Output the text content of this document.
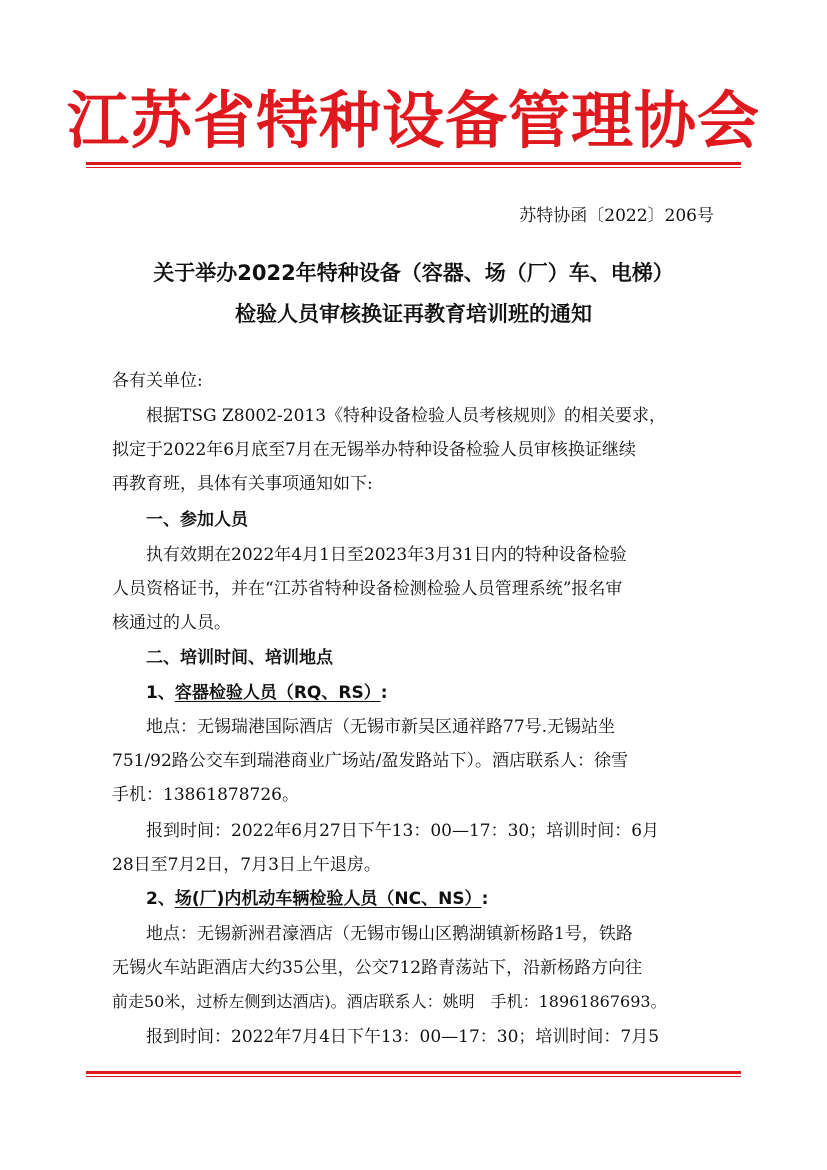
江苏省特种设备管理协会
苏特协函〔2022〕206号
关于举办2022年特种设备（容器、场（厂）车、电梯）
检验人员审核换证再教育培训班的通知
各有关单位:
根据TSG Z8002-2013《特种设备检验人员考核规则》的相关要求，
拟定于2022年6月底至7月在无锡举办特种设备检验人员审核换证继续
再教育班，具体有关事项通知如下:
一、参加人员
执有效期在2022年4月1日至2023年3月31日内的特种设备检验
人员资格证书，并在“江苏省特种设备检测检验人员管理系统”报名审
核通过的人员。
二、培训时间、培训地点
1、容器检验人员（RQ、RS）:
地点：无锡瑞港国际酒店（无锡市新吴区通祥路77号.无锡站坐
751/92路公交车到瑞港商业广场站/盈发路站下）。酒店联系人：徐雪
手机：13861878726。
报到时间：2022年6月27日下午13：00—17：30；培训时间：6月
28日至7月2日，7月3日上午退房。
2、场(厂)内机动车辆检验人员（NC、NS）:
地点：无锡新洲君濠酒店（无锡市锡山区鹅湖镇新杨路1号，铁路
无锡火车站距酒店大约35公里，公交712路青荡站下，沿新杨路方向往
前走50米，过桥左侧到达酒店)。酒店联系人：姚明　手机：18961867693。
报到时间：2022年7月4日下午13：00—17：30；培训时间：7月5
